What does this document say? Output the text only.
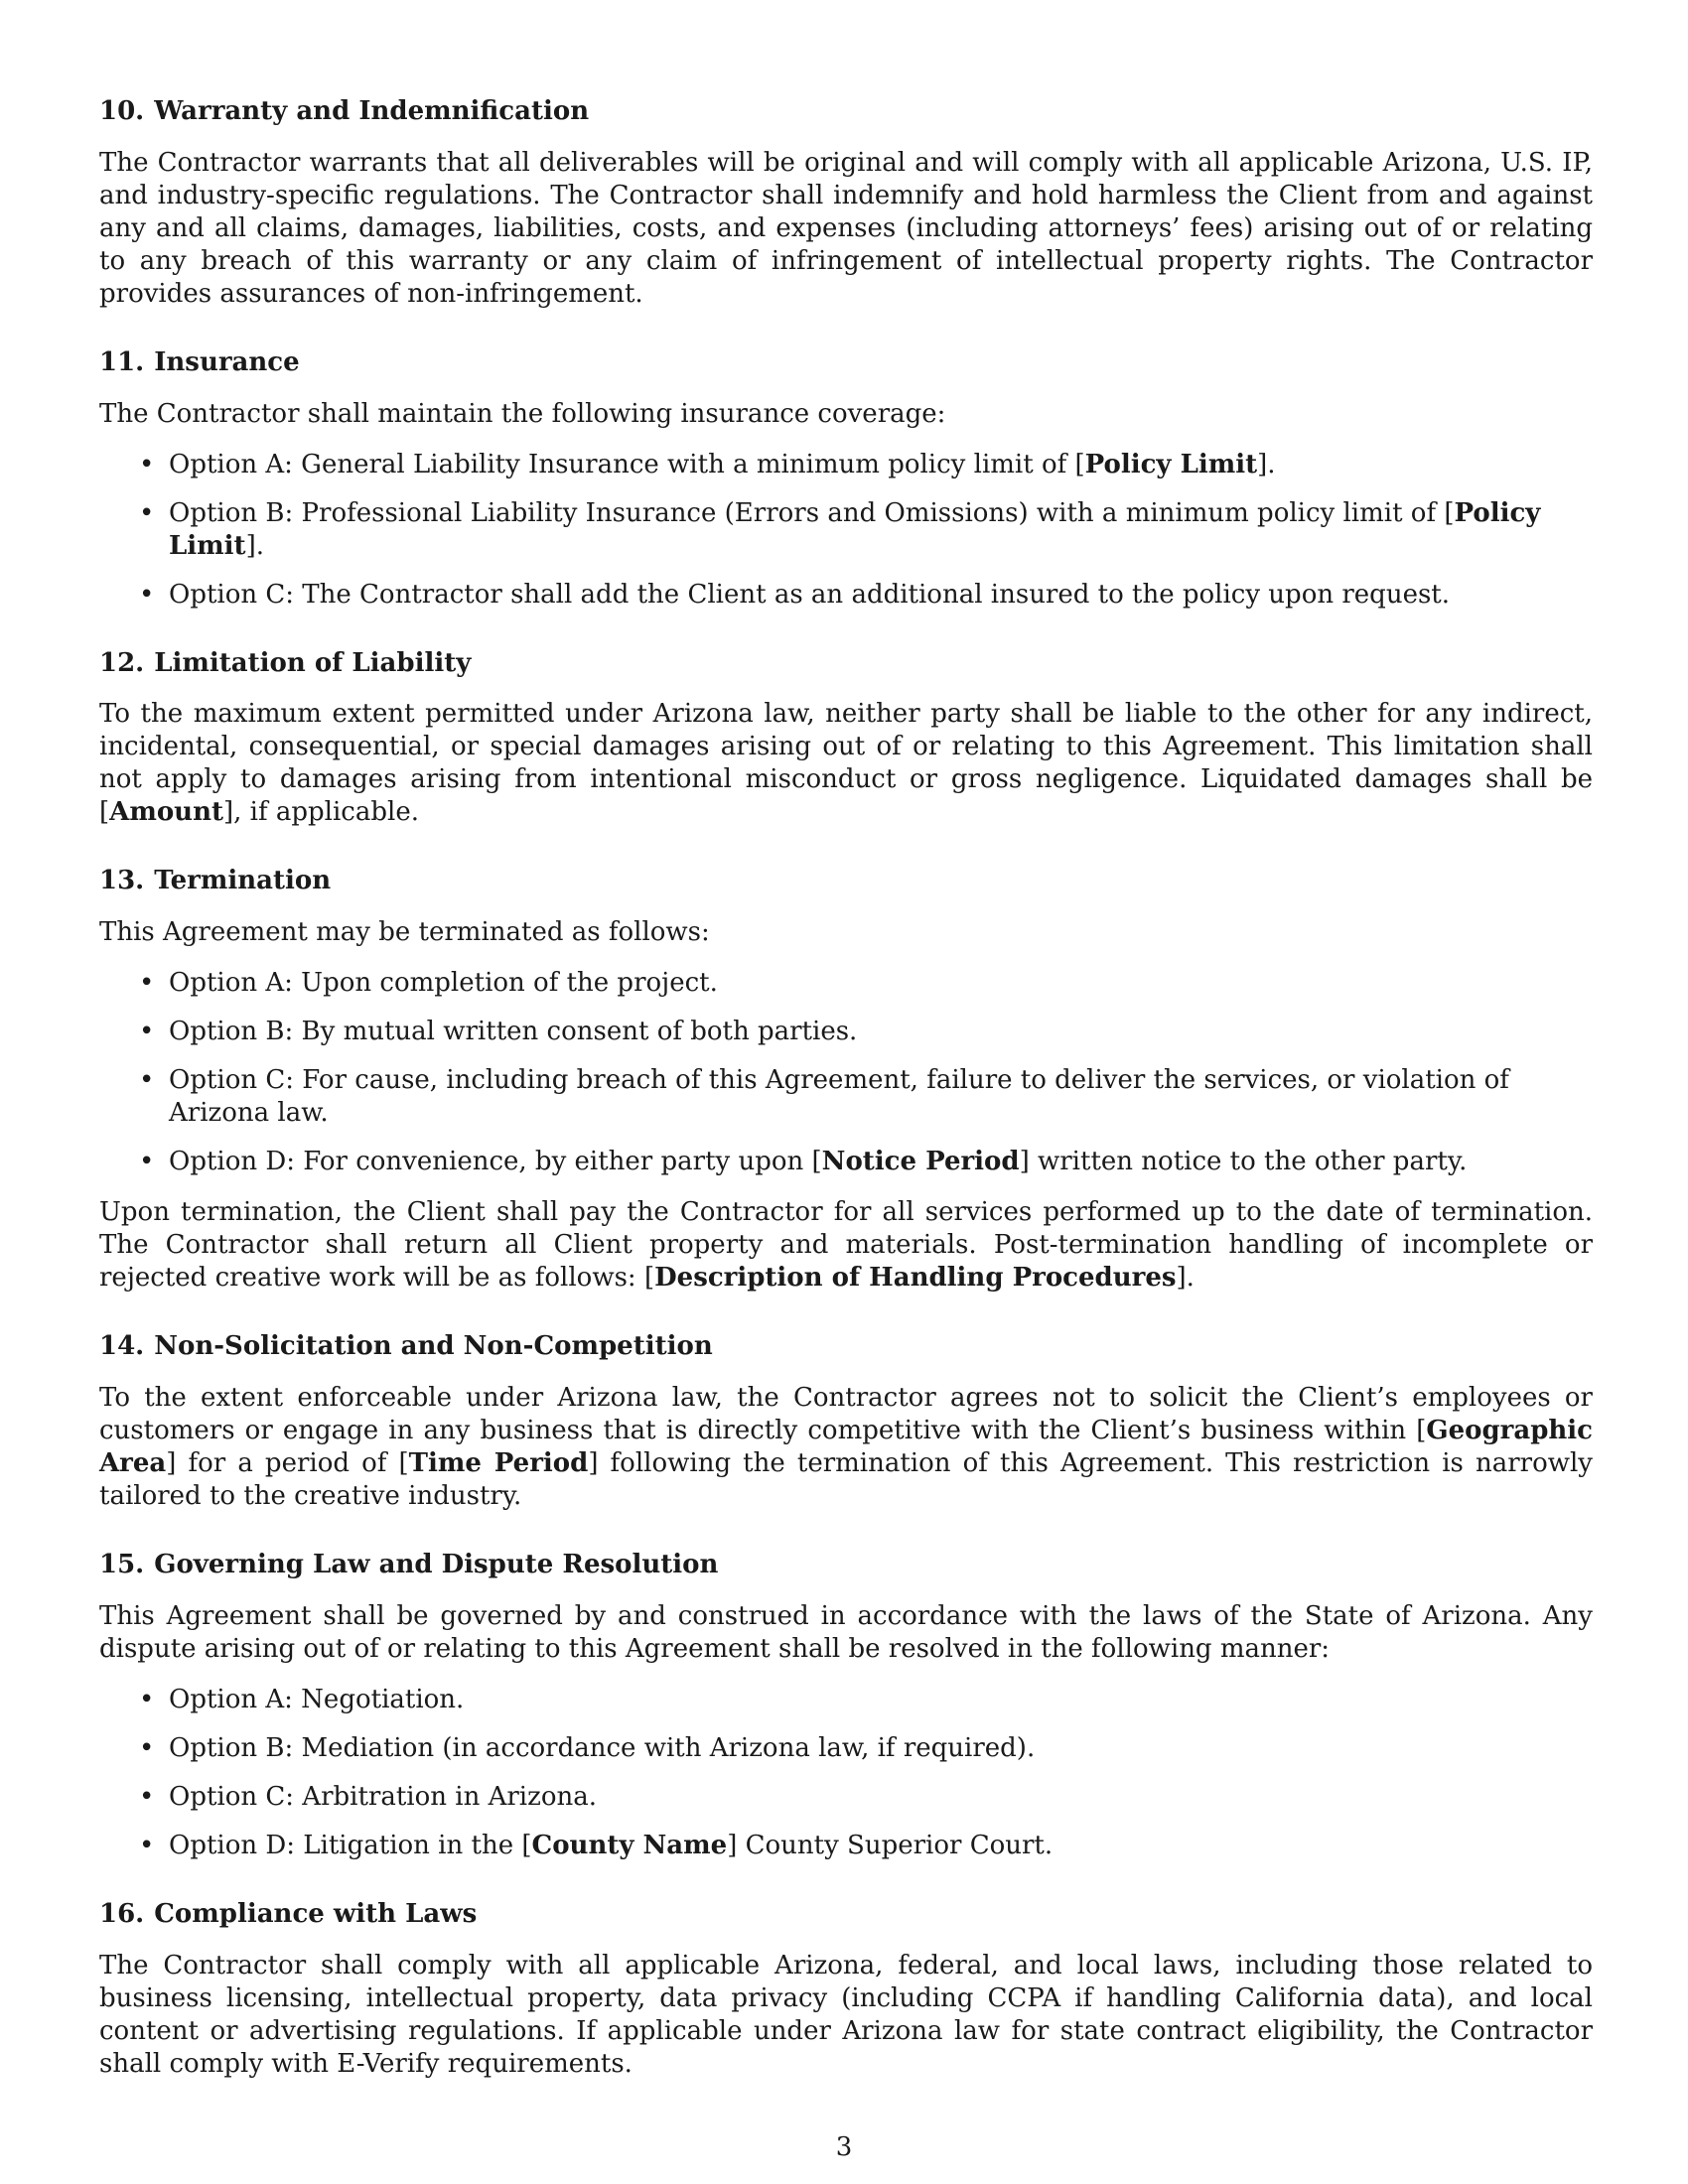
10. Warranty and Indemnification

The Contractor warrants that all deliverables will be original and will comply with all applicable Arizona, U.S. IP, and industry-specific regulations. The Contractor shall indemnify and hold harmless the Client from and against any and all claims, damages, liabilities, costs, and expenses (including attorneys’ fees) arising out of or relating to any breach of this warranty or any claim of infringement of intellectual property rights. The Contractor provides assurances of non-infringement.

11. Insurance

The Contractor shall maintain the following insurance coverage:

• Option A: General Liability Insurance with a minimum policy limit of [Policy Limit].
• Option B: Professional Liability Insurance (Errors and Omissions) with a minimum policy limit of [Policy Limit].
• Option C: The Contractor shall add the Client as an additional insured to the policy upon request.
12. Limitation of Liability

To the maximum extent permitted under Arizona law, neither party shall be liable to the other for any indirect, incidental, consequential, or special damages arising out of or relating to this Agreement. This limitation shall not apply to damages arising from intentional misconduct or gross negligence. Liquidated damages shall be [Amount], if applicable.

13. Termination

This Agreement may be terminated as follows:

• Option A: Upon completion of the project.
• Option B: By mutual written consent of both parties.
• Option C: For cause, including breach of this Agreement, failure to deliver the services, or violation of Arizona law.
• Option D: For convenience, by either party upon [Notice Period] written notice to the other party.

Upon termination, the Client shall pay the Contractor for all services performed up to the date of termination. The Contractor shall return all Client property and materials. Post-termination handling of incomplete or rejected creative work will be as follows: [Description of Handling Procedures].

14. Non-Solicitation and Non-Competition

To the extent enforceable under Arizona law, the Contractor agrees not to solicit the Client’s employees or customers or engage in any business that is directly competitive with the Client’s business within [Geographic Area] for a period of [Time Period] following the termination of this Agreement. This restriction is narrowly tailored to the creative industry.

15. Governing Law and Dispute Resolution

This Agreement shall be governed by and construed in accordance with the laws of the State of Arizona. Any dispute arising out of or relating to this Agreement shall be resolved in the following manner:

• Option A: Negotiation.
• Option B: Mediation (in accordance with Arizona law, if required).
• Option C: Arbitration in Arizona.
• Option D: Litigation in the [County Name] County Superior Court.
16. Compliance with Laws

The Contractor shall comply with all applicable Arizona, federal, and local laws, including those related to business licensing, intellectual property, data privacy (including CCPA if handling California data), and local content or advertising regulations. If applicable under Arizona law for state contract eligibility, the Contractor shall comply with E-Verify requirements.

3
